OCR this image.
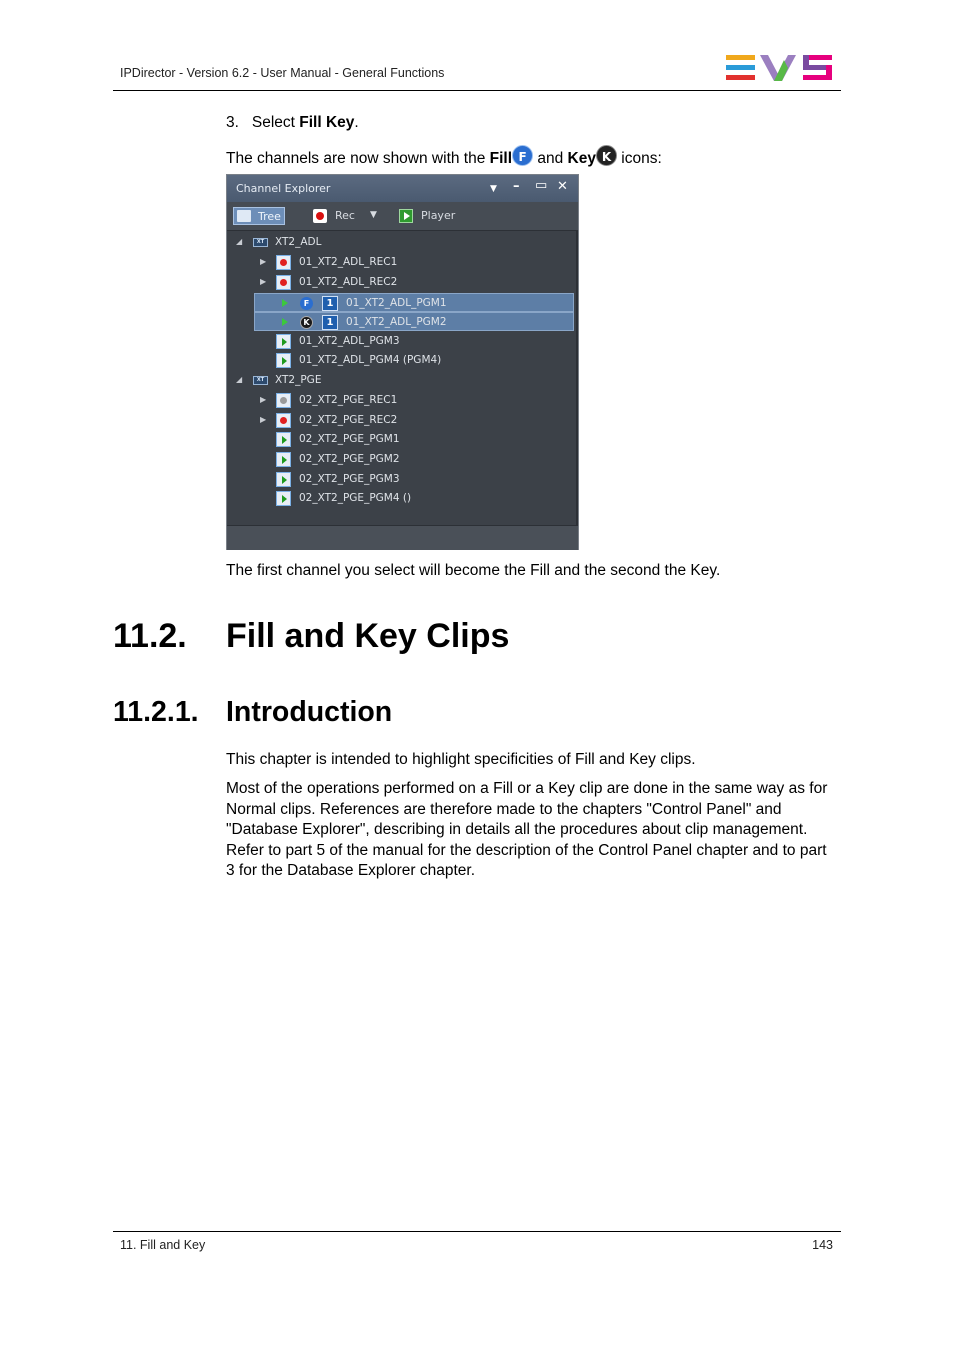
IPDirector - Version 6.2 - User Manual - General Functions
3. Select Fill Key.
The channels are now shown with the Fill F and Key K icons:
Channel Explorer	▼ – ▭ ✕
Tree	Rec ▼	Player
◢	XT	XT2_ADL
▶	01_XT2_ADL_REC1
▶	01_XT2_ADL_REC2
F	1	01_XT2_ADL_PGM1
K	1	01_XT2_ADL_PGM2
01_XT2_ADL_PGM3
01_XT2_ADL_PGM4 (PGM4)
◢	XT	XT2_PGE
▶	02_XT2_PGE_REC1
▶	02_XT2_PGE_REC2
02_XT2_PGE_PGM1
02_XT2_PGE_PGM2
02_XT2_PGE_PGM3
02_XT2_PGE_PGM4 ()
The first channel you select will become the Fill and the second the Key.
11.2. Fill and Key Clips
11.2.1. Introduction
This chapter is intended to highlight specificities of Fill and Key clips.
Most of the operations performed on a Fill or a Key clip are done in the same way as for Normal clips. References are therefore made to the chapters "Control Panel" and "Database Explorer", describing in details all the procedures about clip management. Refer to part 5 of the manual for the description of the Control Panel chapter and to part 3 for the Database Explorer chapter.
11. Fill and Key	143
